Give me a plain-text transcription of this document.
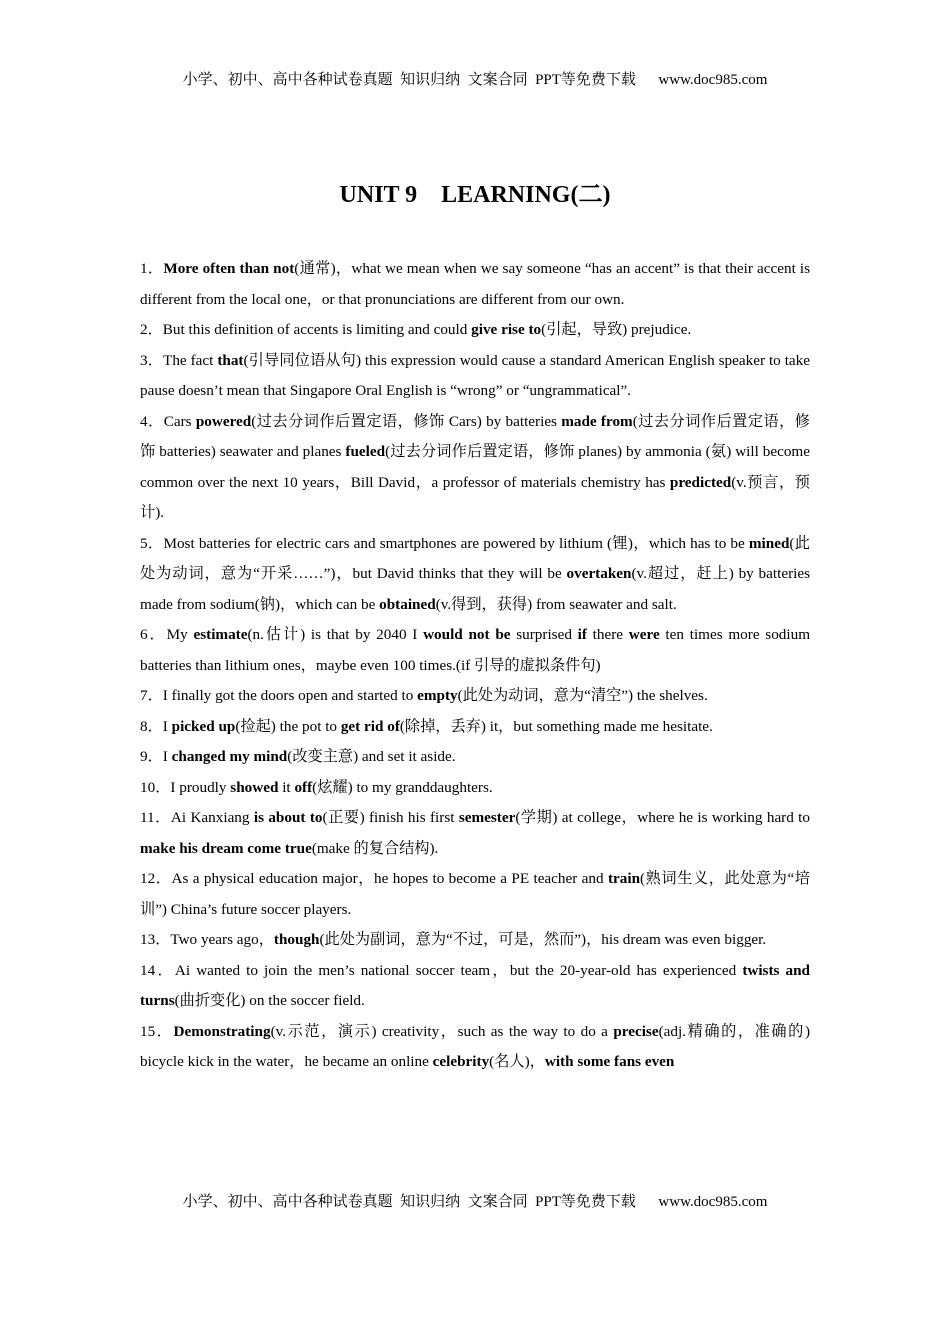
小学、初中、高中各种试卷真题  知识归纳  文案合同  PPT等免费下载      www.doc985.com
UNIT 9    LEARNING(二)

1．More often than not(通常)，what we mean when we say someone “has an accent” is that their accent is different from the local one，or that pronunciations are different from our own.

2．But this definition of accents is limiting and could give rise to(引起，导致) prejudice.

3．The fact that(引导同位语从句) this expression would cause a standard American English speaker to take pause doesn’t mean that Singapore Oral English is “wrong” or “ungrammatical”.

4．Cars powered(过去分词作后置定语，修饰 Cars) by batteries made from(过去分词作后置定语，修饰 batteries) seawater and planes fueled(过去分词作后置定语，修饰 planes) by ammonia (氨) will become common over the next 10 years，Bill David，a professor of materials chemistry has predicted(v.预言，预计).

5．Most batteries for electric cars and smartphones are powered by lithium (锂)，which has to be mined(此处为动词，意为“开采……”)，but David thinks that they will be overtaken(v.超过，赶上) by batteries made from sodium(钠)，which can be obtained(v.得到，获得) from seawater and salt.

6．My estimate(n.估计) is that by 2040 I would not be surprised if there were ten times more sodium batteries than lithium ones，maybe even 100 times.(if 引导的虚拟条件句)

7．I finally got the doors open and started to empty(此处为动词，意为“清空”) the shelves.

8．I picked up(捡起) the pot to get rid of(除掉，丢弃) it，but something made me hesitate.

9．I changed my mind(改变主意) and set it aside.

10．I proudly showed it off(炫耀) to my granddaughters.

11．Ai Kanxiang is about to(正要) finish his first semester(学期) at college，where he is working hard to make his dream come true(make 的复合结构).

12．As a physical education major，he hopes to become a PE teacher and train(熟词生义，此处意为“培训”) China’s future soccer players.

13．Two years ago，though(此处为副词，意为“不过，可是，然而”)，his dream was even bigger.

14．Ai wanted to join the men’s national soccer team，but the 20-year-old has experienced twists and turns(曲折变化) on the soccer field.

15．Demonstrating(v.示范，演示) creativity，such as the way to do a precise(adj.精确的，准确的) bicycle kick in the water，he became an online celebrity(名人)，with some fans even

小学、初中、高中各种试卷真题  知识归纳  文案合同  PPT等免费下载      www.doc985.com
